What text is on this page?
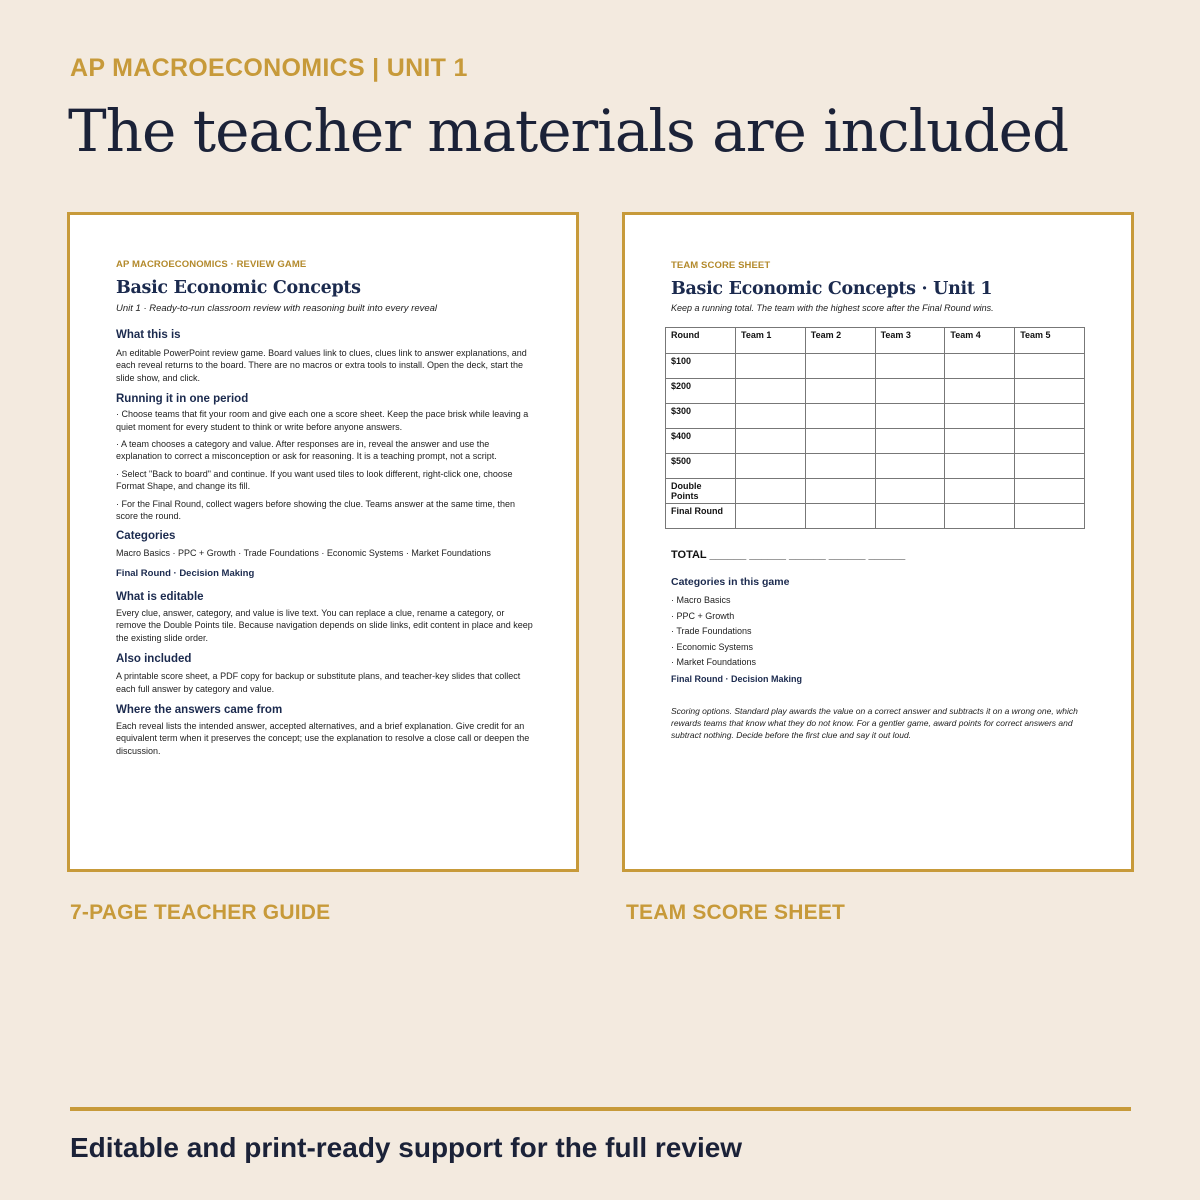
AP MACROECONOMICS | UNIT 1
The teacher materials are included
AP MACROECONOMICS · REVIEW GAME
Basic Economic Concepts
Unit 1 · Ready-to-run classroom review with reasoning built into every reveal
What this is

An editable PowerPoint review game. Board values link to clues, clues link to answer explanations, and each reveal returns to the board. There are no macros or extra tools to install. Open the deck, start the slide show, and click.

Running it in one period

· Choose teams that fit your room and give each one a score sheet. Keep the pace brisk while leaving a quiet moment for every student to think or write before anyone answers.

· A team chooses a category and value. After responses are in, reveal the answer and use the explanation to correct a misconception or ask for reasoning. It is a teaching prompt, not a script.

· Select "Back to board" and continue. If you want used tiles to look different, right-click one, choose Format Shape, and change its fill.

· For the Final Round, collect wagers before showing the clue. Teams answer at the same time, then score the round.

Categories

Macro Basics · PPC + Growth · Trade Foundations · Economic Systems · Market Foundations

Final Round · Decision Making
What is editable

Every clue, answer, category, and value is live text. You can replace a clue, rename a category, or remove the Double Points tile. Because navigation depends on slide links, edit content in place and keep the existing slide order.

Also included

A printable score sheet, a PDF copy for backup or substitute plans, and teacher-key slides that collect each full answer by category and value.

Where the answers came from

Each reveal lists the intended answer, accepted alternatives, and a brief explanation. Give credit for an equivalent term when it preserves the concept; use the explanation to resolve a close call or deepen the discussion.

TEAM SCORE SHEET
Basic Economic Concepts · Unit 1
Keep a running total. The team with the highest score after the Final Round wins.
Round	Team 1	Team 2	Team 3	Team 4	Team 5
$100					
$200					
$300					
$400					
$500					
Double Points					
Final Round					
TOTAL ______ ______ ______ ______ ______
Categories in this game

· Macro Basics

· PPC + Growth

· Trade Foundations

· Economic Systems

· Market Foundations

Final Round · Decision Making

Scoring options. Standard play awards the value on a correct answer and subtracts it on a wrong one, which rewards teams that know what they do not know. For a gentler game, award points for correct answers and subtract nothing. Decide before the first clue and say it out loud.

7-PAGE TEACHER GUIDE	TEAM SCORE SHEET
Editable and print-ready support for the full review
